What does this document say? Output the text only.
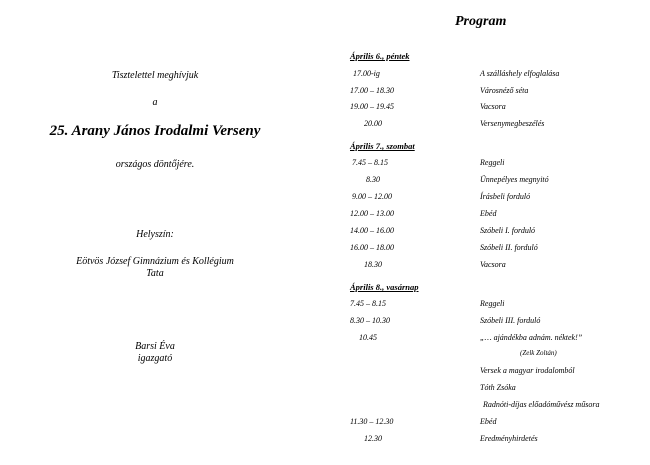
Tisztelettel meghívjuk
a
25. Arany János Irodalmi Verseny
országos döntőjére.
Helyszín:
Eötvös József Gimnázium és Kollégium
Tata
Barsi Éva
igazgató
Program
Április 6., péntek
17.00-ig	A szálláshely elfoglalása
17.00 – 18.30	Városnéző séta
19.00 – 19.45	Vacsora
20.00	Versenymegbeszélés
Április 7., szombat
7.45 – 8.15	Reggeli
8.30	Ünnepélyes megnyitó
9.00 – 12.00	Írásbeli forduló
12.00 – 13.00	Ebéd
14.00 – 16.00	Szóbeli I. forduló
16.00 – 18.00	Szóbeli II. forduló
18.30	Vacsora
Április 8., vasárnap
7.45 – 8.15	Reggeli
8.30 – 10.30	Szóbeli III. forduló
10.45	„… ajándékba adnám. néktek!”
(Zelk Zoltán)
Versek a magyar irodalomból
Tóth Zsóka
Radnóti-díjas előadóművész műsora
11.30 – 12.30	Ebéd
12.30	Eredményhirdetés
